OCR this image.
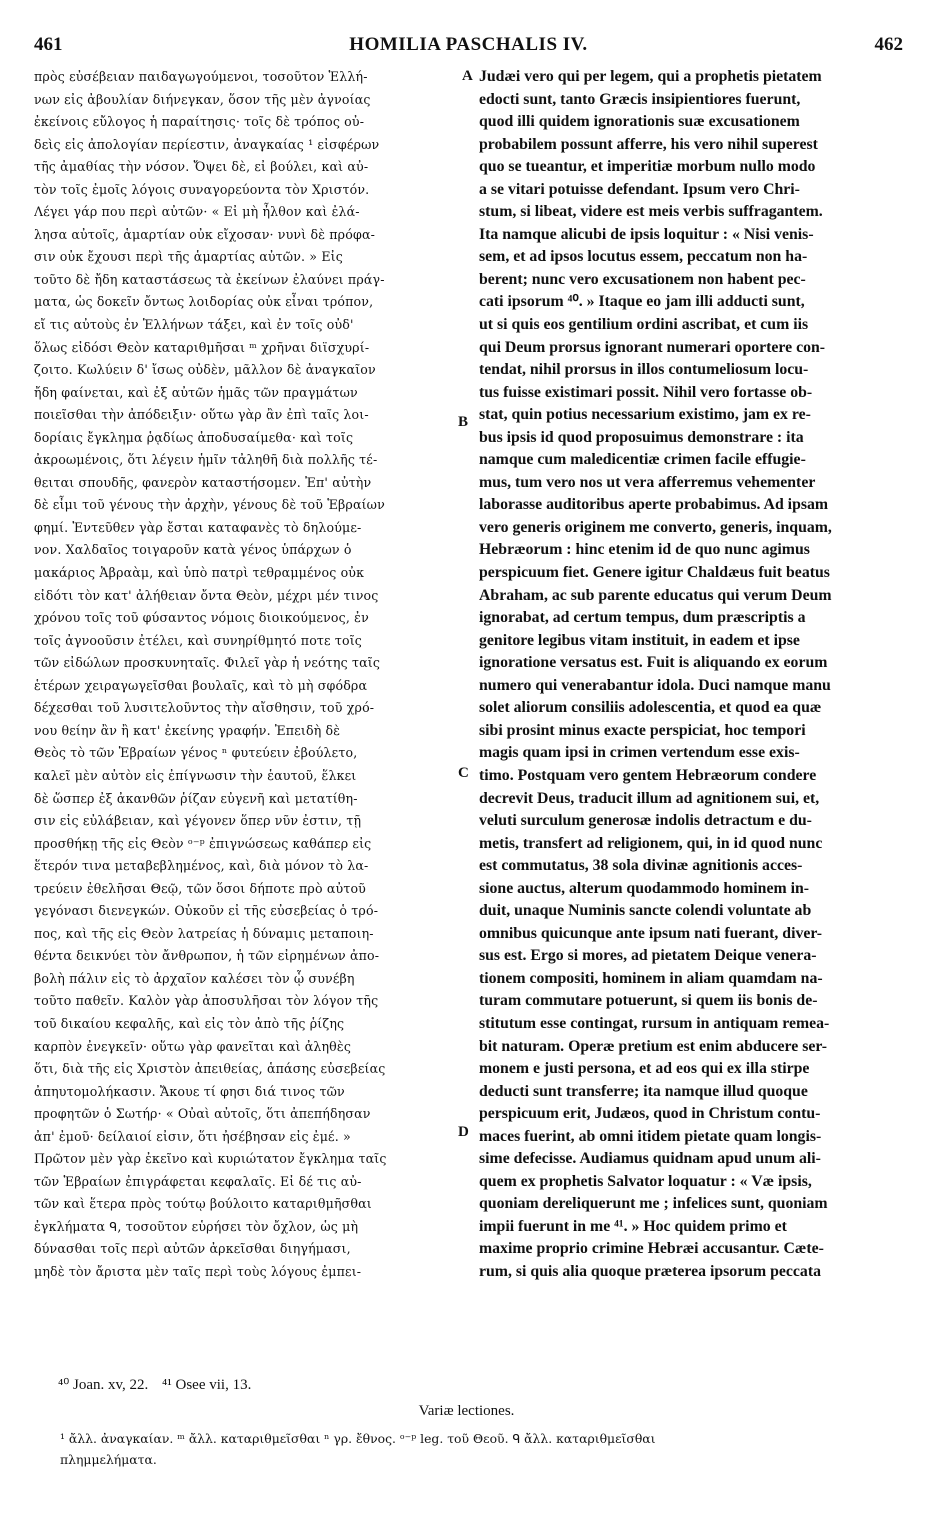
461	HOMILIA PASCHALIS IV.	462
πρὸς εὐσέβειαν παιδαγωγούμενοι, τοσοῦτον Ἑλλή-
νων εἰς ἀβουλίαν διήνεγκαν, ὅσον τῆς μὲν ἀγνοίας
ἐκείνοις εὔλογος ἡ παραίτησις· τοῖς δὲ τρόπος οὐ-
δεὶς εἰς ἀπολογίαν περίεστιν, ἀναγκαίας ¹ εἰσφέρων
τῆς ἀμαθίας τὴν νόσον. Ὄψει δὲ, εἰ βούλει, καὶ αὐ-
τὸν τοῖς ἐμοῖς λόγοις συναγορεύοντα τὸν Χριστόν.
Λέγει γάρ που περὶ αὐτῶν· « Εἰ μὴ ἦλθον καὶ ἐλά-
λησα αὐτοῖς, ἁμαρτίαν οὐκ εἴχοσαν· νυνὶ δὲ πρόφα-
σιν οὐκ ἔχουσι περὶ τῆς ἁμαρτίας αὐτῶν. » Εἰς
τοῦτο δὲ ἤδη καταστάσεως τὰ ἐκείνων ἐλαύνει πράγ-
ματα, ὡς δοκεῖν ὄντως λοιδορίας οὐκ εἶναι τρόπον,
εἴ τις αὐτοὺς ἐν Ἑλλήνων τάξει, καὶ ἐν τοῖς οὐδ'
ὅλως εἰδόσι Θεὸν καταριθμῆσαι ᵐ χρῆναι διϊσχυρί-
ζοιτο. Κωλύειν δ' ἴσως οὐδὲν, μᾶλλον δὲ ἀναγκαῖον
ἤδη φαίνεται, καὶ ἐξ αὐτῶν ἡμᾶς τῶν πραγμάτων
ποιεῖσθαι τὴν ἀπόδειξιν· οὕτω γὰρ ἂν ἐπὶ ταῖς λοι-
δορίαις ἔγκλημα ῥᾳδίως ἀποδυσαίμεθα· καὶ τοῖς
ἀκροωμένοις, ὅτι λέγειν ἡμῖν τἀληθῆ διὰ πολλῆς τέ-
θειται σπουδῆς, φανερὸν καταστήσομεν. Ἐπ' αὐτὴν
δὲ εἶμι τοῦ γένους τὴν ἀρχὴν, γένους δὲ τοῦ Ἑβραίων
φημί. Ἐντεῦθεν γὰρ ἔσται καταφανὲς τὸ δηλούμε-
νον. Χαλδαῖος τοιγαροῦν κατὰ γένος ὑπάρχων ὁ
μακάριος Ἀβραὰμ, καὶ ὑπὸ πατρὶ τεθραμμένος οὐκ
εἰδότι τὸν κατ' ἀλήθειαν ὄντα Θεὸν, μέχρι μέν τινος
χρόνου τοῖς τοῦ φύσαντος νόμοις διοικούμενος, ἐν
τοῖς ἀγνοοῦσιν ἐτέλει, καὶ συνηρίθμητό ποτε τοῖς
τῶν εἰδώλων προσκυνηταῖς. Φιλεῖ γὰρ ἡ νεότης ταῖς
ἑτέρων χειραγωγεῖσθαι βουλαῖς, καὶ τὸ μὴ σφόδρα
δέχεσθαι τοῦ λυσιτελοῦντος τὴν αἴσθησιν, τοῦ χρό-
νου θείην ἂν ἢ κατ' ἐκείνης γραφήν. Ἐπειδὴ δὲ
Θεὸς τὸ τῶν Ἑβραίων γένος ⁿ φυτεύειν ἐβούλετο,
καλεῖ μὲν αὐτὸν εἰς ἐπίγνωσιν τὴν ἑαυτοῦ, ἕλκει
δὲ ὥσπερ ἐξ ἀκανθῶν ῥίζαν εὐγενῆ καὶ μετατίθη-
σιν εἰς εὐλάβειαν, καὶ γέγονεν ὅπερ νῦν ἐστιν, τῇ
προσθήκῃ τῆς εἰς Θεὸν ᵒ⁻ᵖ ἐπιγνώσεως καθάπερ εἰς
ἕτερόν τινα μεταβεβλημένος, καὶ, διὰ μόνον τὸ λα-
τρεύειν ἐθελῆσαι Θεῷ, τῶν ὅσοι δήποτε πρὸ αὐτοῦ
γεγόνασι διενεγκών. Οὐκοῦν εἰ τῆς εὐσεβείας ὁ τρό-
πος, καὶ τῆς εἰς Θεὸν λατρείας ἡ δύναμις μεταποιη-
θέντα δεικνύει τὸν ἄνθρωπον, ἡ τῶν εἰρημένων ἀπο-
βολὴ πάλιν εἰς τὸ ἀρχαῖον καλέσει τὸν ᾧ συνέβη
τοῦτο παθεῖν. Καλὸν γὰρ ἀποσυλῆσαι τὸν λόγον τῆς
τοῦ δικαίου κεφαλῆς, καὶ εἰς τὸν ἀπὸ τῆς ῥίζης
καρπὸν ἐνεγκεῖν· οὕτω γὰρ φανεῖται καὶ ἀληθὲς
ὅτι, διὰ τῆς εἰς Χριστὸν ἀπειθείας, ἁπάσης εὐσεβείας
ἀπηυτομολήκασιν. Ἄκουε τί φησι διά τινος τῶν
προφητῶν ὁ Σωτήρ· « Οὐαὶ αὐτοῖς, ὅτι ἀπεπήδησαν
ἀπ' ἐμοῦ· δείλαιοί εἰσιν, ὅτι ἠσέβησαν εἰς ἐμέ. »
Πρῶτον μὲν γὰρ ἐκεῖνο καὶ κυριώτατον ἔγκλημα ταῖς
τῶν Ἑβραίων ἐπιγράφεται κεφαλαῖς. Εἰ δέ τις αὐ-
τῶν καὶ ἕτερα πρὸς τούτῳ βούλοιτο καταριθμῆσθαι
ἐγκλήματα ᑫ, τοσοῦτον εὑρήσει τὸν ὄχλον, ὡς μὴ
δύνασθαι τοῖς περὶ αὐτῶν ἀρκεῖσθαι διηγήμασι,
μηδὲ τὸν ἄριστα μὲν ταῖς περὶ τοὺς λόγους ἐμπει-
Judæi vero qui per legem, qui a prophetis pietatem
edocti sunt, tanto Græcis insipientiores fuerunt,
quod illi quidem ignorationis suæ excusationem
probabilem possunt afferre, his vero nihil superest
quo se tueantur, et imperitiæ morbum nullo modo
a se vitari potuisse defendant. Ipsum vero Chri-
stum, si libeat, videre est meis verbis suffragantem.
Ita namque alicubi de ipsis loquitur : « Nisi venis-
sem, et ad ipsos locutus essem, peccatum non ha-
berent; nunc vero excusationem non habent pec-
cati ipsorum ⁴⁰. » Itaque eo jam illi adducti sunt,
ut si quis eos gentilium ordini ascribat, et cum iis
qui Deum prorsus ignorant numerari oportere con-
tendat, nihil prorsus in illos contumeliosum locu-
tus fuisse existimari possit. Nihil vero fortasse ob-
stat, quin potius necessarium existimo, jam ex re-
bus ipsis id quod proposuimus demonstrare : ita
namque cum maledicentiæ crimen facile effugie-
mus, tum vero nos ut vera afferremus vehementer
laborasse auditoribus aperte probabimus. Ad ipsam
vero generis originem me converto, generis, inquam,
Hebræorum : hinc etenim id de quo nunc agimus
perspicuum fiet. Genere igitur Chaldæus fuit beatus
Abraham, ac sub parente educatus qui verum Deum
ignorabat, ad certum tempus, dum præscriptis a
genitore legibus vitam instituit, in eadem et ipse
ignoratione versatus est. Fuit is aliquando ex eorum
numero qui venerabantur idola. Duci namque manu
solet aliorum consiliis adolescentia, et quod ea quæ
sibi prosint minus exacte perspiciat, hoc tempori
magis quam ipsi in crimen vertendum esse exis-
timo. Postquam vero gentem Hebræorum condere
decrevit Deus, traducit illum ad agnitionem sui, et,
veluti surculum generosæ indolis detractum e du-
metis, transfert ad religionem, qui, in id quod nunc
est commutatus, 38 sola divinæ agnitionis acces-
sione auctus, alterum quodammodo hominem in-
duit, unaque Numinis sancte colendi voluntate ab
omnibus quicunque ante ipsum nati fuerant, diver-
sus est. Ergo si mores, ad pietatem Deique venera-
tionem compositi, hominem in aliam quamdam na-
turam commutare potuerunt, si quem iis bonis de-
stitutum esse contingat, rursum in antiquam remea-
bit naturam. Operæ pretium est enim abducere ser-
monem e justi persona, et ad eos qui ex illa stirpe
deducti sunt transferre; ita namque illud quoque
perspicuum erit, Judæos, quod in Christum contu-
maces fuerint, ab omni itidem pietate quam longis-
sime defecisse. Audiamus quidnam apud unum ali-
quem ex prophetis Salvator loquatur : « Væ ipsis,
quoniam dereliquerunt me ; infelices sunt, quoniam
impii fuerunt in me ⁴¹. » Hoc quidem primo et
maxime proprio crimine Hebræi accusantur. Cæte-
rum, si quis alia quoque præterea ipsorum peccata
A
B
C
D
⁴⁰ Joan. xv, 22. ⁴¹ Osee vii, 13.
Variæ lectiones.
¹ ἄλλ. ἀναγκαίαν. ᵐ ἄλλ. καταριθμεῖσθαι ⁿ γρ. ἔθνος. ᵒ⁻ᵖ leg. τοῦ Θεοῦ. ᑫ ἄλλ. καταριθμεῖσθαι
πλημμελήματα.
